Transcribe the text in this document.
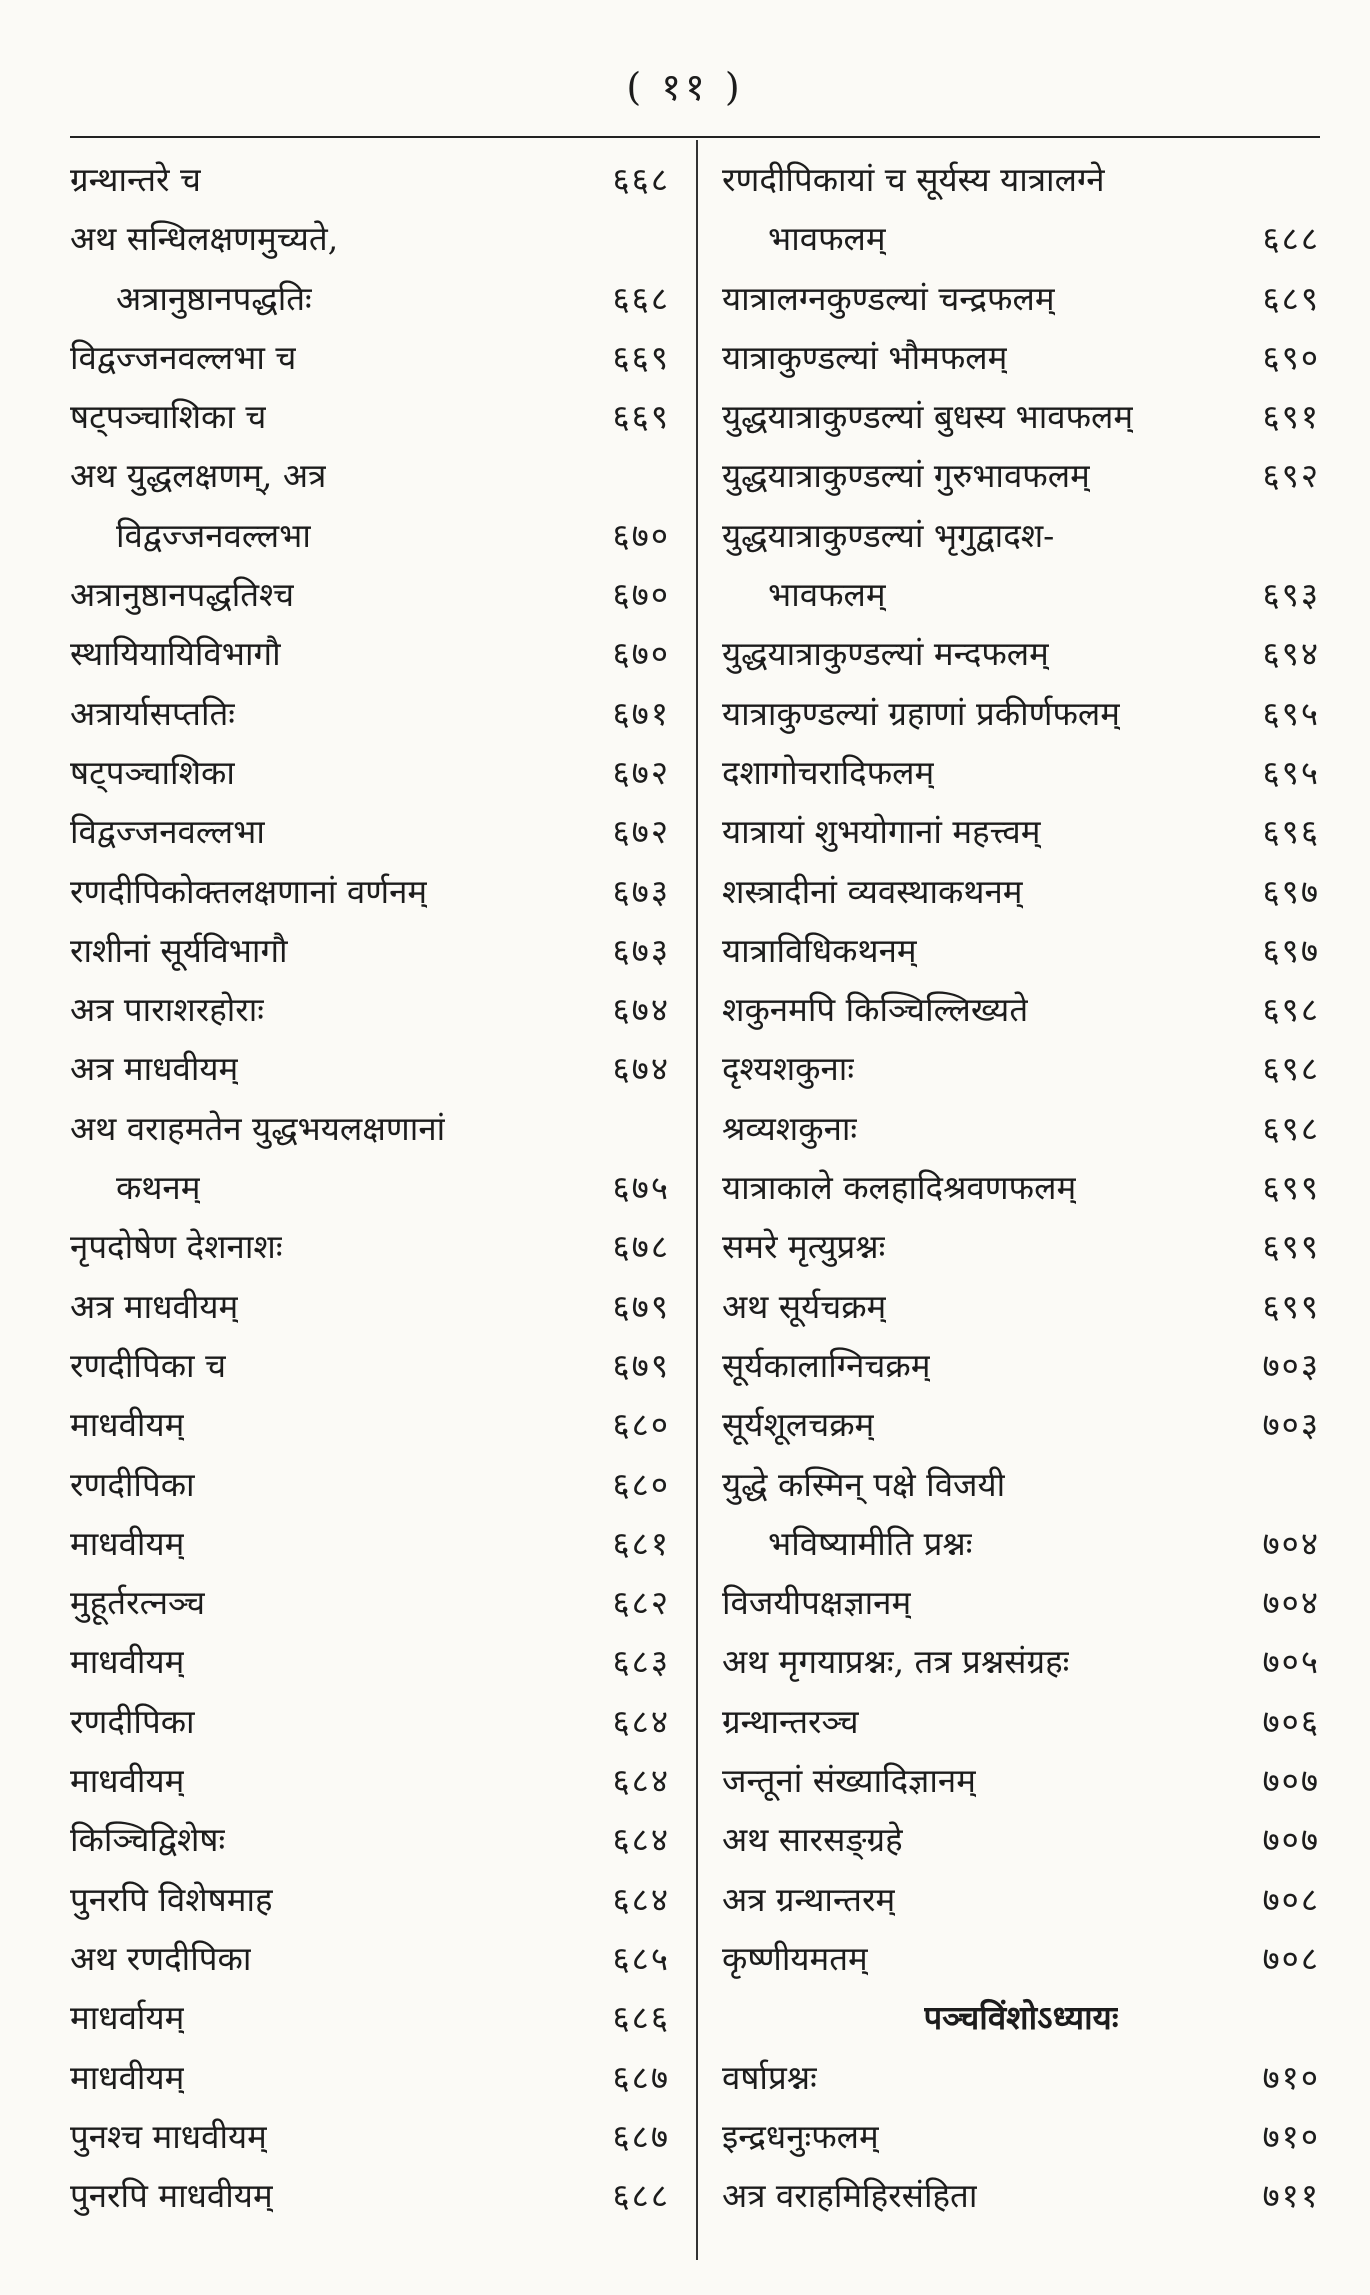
( ११ )
ग्रन्थान्तरे च	६६८
अथ सन्धिलक्षणमुच्यते,
अत्रानुष्ठानपद्धतिः	६६८
विद्वज्जनवल्लभा च	६६९
षट्पञ्चाशिका च	६६९
अथ युद्धलक्षणम्, अत्र
विद्वज्जनवल्लभा	६७०
अत्रानुष्ठानपद्धतिश्च	६७०
स्थायियायिविभागौ	६७०
अत्रार्यासप्ततिः	६७१
षट्पञ्चाशिका	६७२
विद्वज्जनवल्लभा	६७२
रणदीपिकोक्तलक्षणानां वर्णनम्	६७३
राशीनां सूर्यविभागौ	६७३
अत्र पाराशरहोराः	६७४
अत्र माधवीयम्	६७४
अथ वराहमतेन युद्धभयलक्षणानां
कथनम्	६७५
नृपदोषेण देशनाशः	६७८
अत्र माधवीयम्	६७९
रणदीपिका च	६७९
माधवीयम्	६८०
रणदीपिका	६८०
माधवीयम्	६८१
मुहूर्तरत्नञ्च	६८२
माधवीयम्	६८३
रणदीपिका	६८४
माधवीयम्	६८४
किञ्चिद्विशेषः	६८४
पुनरपि विशेषमाह	६८४
अथ रणदीपिका	६८५
माधर्वायम्	६८६
माधवीयम्	६८७
पुनश्च माधवीयम्	६८७
पुनरपि माधवीयम्	६८८
रणदीपिकायां च सूर्यस्य यात्रालग्ने
भावफलम्	६८८
यात्रालग्नकुण्डल्यां चन्द्रफलम्	६८९
यात्राकुण्डल्यां भौमफलम्	६९०
युद्धयात्राकुण्डल्यां बुधस्य भावफलम्	६९१
युद्धयात्राकुण्डल्यां गुरुभावफलम्	६९२
युद्धयात्राकुण्डल्यां भृगुद्वादश-
भावफलम्	६९३
युद्धयात्राकुण्डल्यां मन्दफलम्	६९४
यात्राकुण्डल्यां ग्रहाणां प्रकीर्णफलम्	६९५
दशागोचरादिफलम्	६९५
यात्रायां शुभयोगानां महत्त्वम्	६९६
शस्त्रादीनां व्यवस्थाकथनम्	६९७
यात्राविधिकथनम्	६९७
शकुनमपि किञ्चिल्लिख्यते	६९८
दृश्यशकुनाः	६९८
श्रव्यशकुनाः	६९८
यात्राकाले कलहादिश्रवणफलम्	६९९
समरे मृत्युप्रश्नः	६९९
अथ सूर्यचक्रम्	६९९
सूर्यकालाग्निचक्रम्	७०३
सूर्यशूलचक्रम्	७०३
युद्धे कस्मिन् पक्षे विजयी
भविष्यामीति प्रश्नः	७०४
विजयीपक्षज्ञानम्	७०४
अथ मृगयाप्रश्नः, तत्र प्रश्नसंग्रहः	७०५
ग्रन्थान्तरञ्च	७०६
जन्तूनां संख्यादिज्ञानम्	७०७
अथ सारसङ्ग्रहे	७०७
अत्र ग्रन्थान्तरम्	७०८
कृष्णीयमतम्	७०८
पञ्चविंशोऽध्यायः
वर्षाप्रश्नः	७१०
इन्द्रधनुःफलम्	७१०
अत्र वराहमिहिरसंहिता	७११
